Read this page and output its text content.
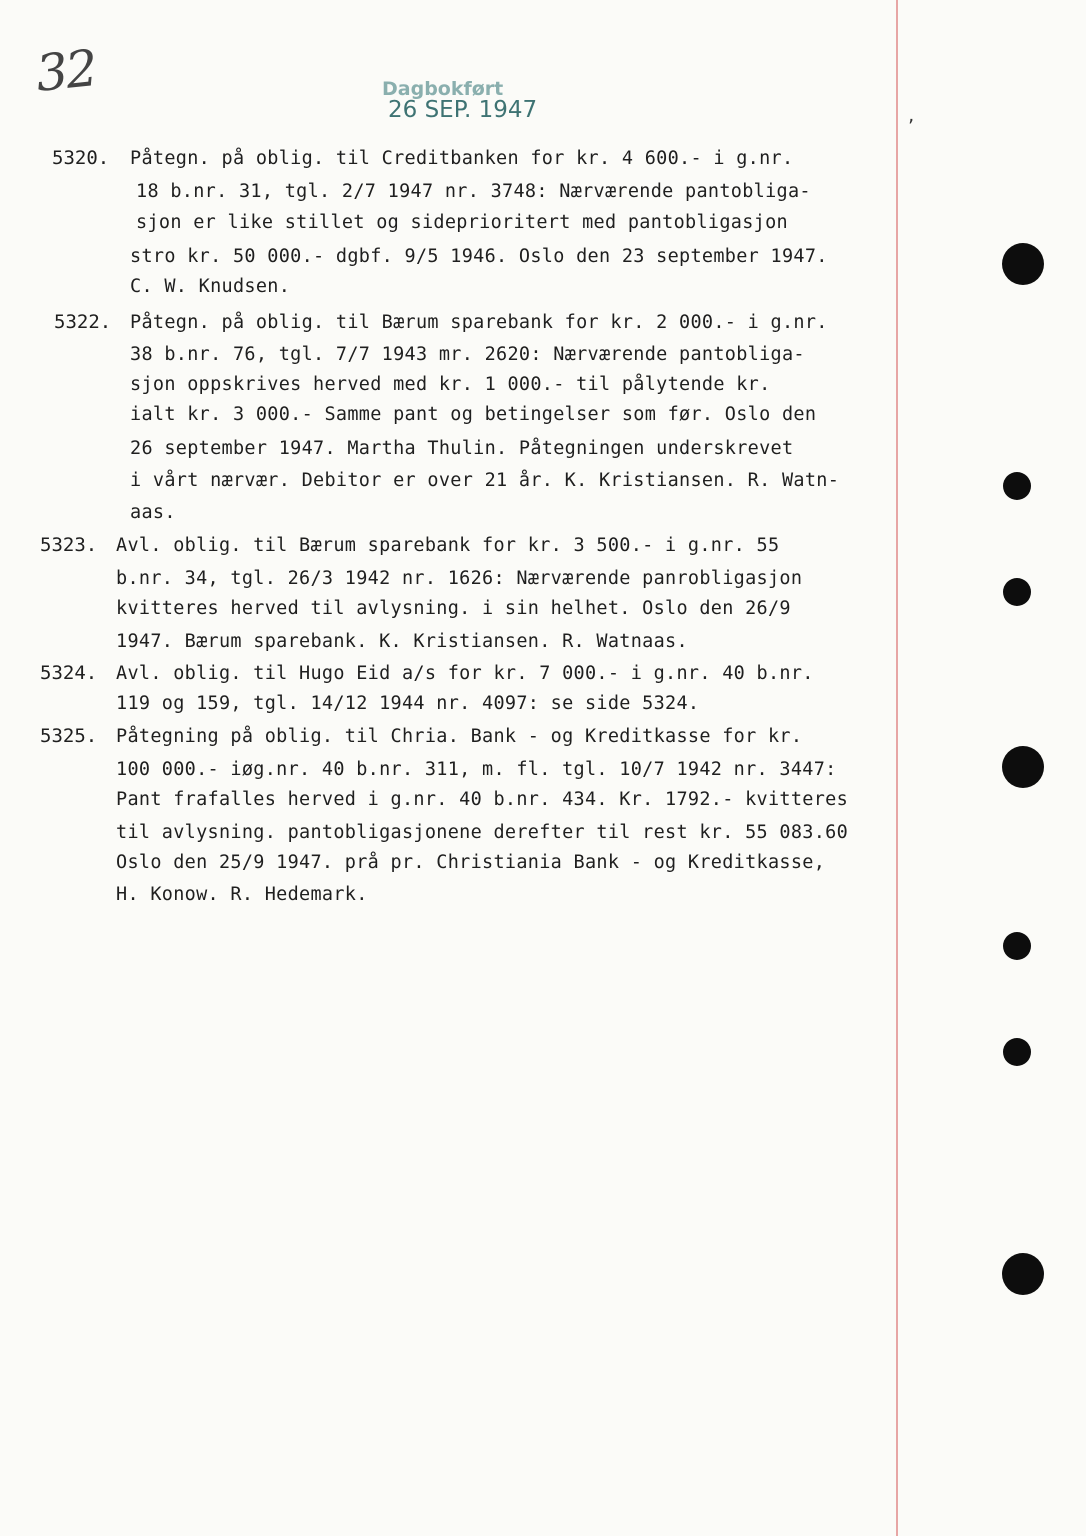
ʼ
32	Dagbokført
26 SEP. 1947
5320. Påtegn. på oblig. til Creditbanken for kr. 4 600.- i g.nr.
18 b.nr. 31, tgl. 2/7 1947 nr. 3748: Nærværende pantobliga-
sjon er like stillet og sideprioritert med pantobligasjon
stro kr. 50 000.- dgbf. 9/5 1946. Oslo den 23 september 1947.
C. W. Knudsen.
5322. Påtegn. på oblig. til Bærum sparebank for kr. 2 000.- i g.nr.
38 b.nr. 76, tgl. 7/7 1943 mr. 2620: Nærværende pantobliga-
sjon oppskrives herved med kr. 1 000.- til pålytende kr.
ialt kr. 3 000.- Samme pant og betingelser som før. Oslo den
26 september 1947. Martha Thulin. Påtegningen underskrevet
i vårt nærvær. Debitor er over 21 år. K. Kristiansen. R. Watn-
aas.
5323. Avl. oblig. til Bærum sparebank for kr. 3 500.- i g.nr. 55
b.nr. 34, tgl. 26/3 1942 nr. 1626: Nærværende panrobligasjon
kvitteres herved til avlysning. i sin helhet. Oslo den 26/9
1947. Bærum sparebank. K. Kristiansen. R. Watnaas.
5324. Avl. oblig. til Hugo Eid a/s for kr. 7 000.- i g.nr. 40 b.nr.
119 og 159, tgl. 14/12 1944 nr. 4097: se side 5324.
5325. Påtegning på oblig. til Chria. Bank - og Kreditkasse for kr.
100 000.- iøg.nr. 40 b.nr. 311, m. fl. tgl. 10/7 1942 nr. 3447:
Pant frafalles herved i g.nr. 40 b.nr. 434. Kr. 1792.- kvitteres
til avlysning. pantobligasjonene derefter til rest kr. 55 083.60
Oslo den 25/9 1947. prå pr. Christiania Bank - og Kreditkasse,
H. Konow. R. Hedemark.
